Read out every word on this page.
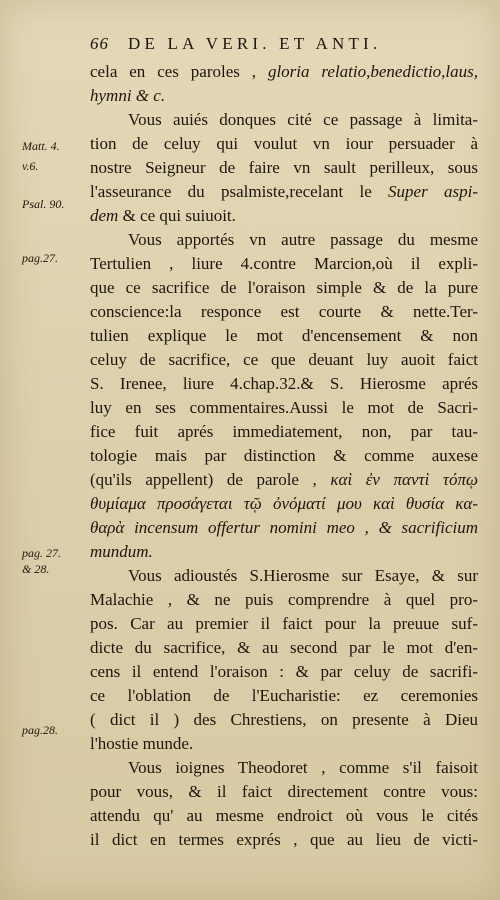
66 DE LA VERI. ET ANTI.
Matt. 4.
v.6.
Psal. 90.
pag.27.
pag. 27.
& 28.
pag.28.
cela en ces paroles , gloria relatio,benedictio,laus,
hymni & c.
Vous auiés donques cité ce passage à limita-
tion de celuy qui voulut vn iour persuader à
nostre Seigneur de faire vn sault perilleux, sous
l'asseurance du psalmiste,recelant le Super aspi-
dem & ce qui suiuoit.
Vous apportés vn autre passage du mesme
Tertulien , liure 4.contre Marcion,où il expli-
que ce sacrifice de l'oraison simple & de la pure
consciencе:la responce est courte & nette.Ter-
tulien explique le mot d'encensement & non
celuy de sacrifice, ce que deuant luy auoit faict
S. Irenee, liure 4.chap.32.& S. Hierosme aprés
luy en ses commentaires.Aussi le mot de Sacri-
fice fuit aprés immediatement, non, par tau-
tologie mais par distinction & comme auxese
(qu'ils appellent) de parole , καὶ ἐν παντὶ τόπῳ
θυμίαμα προσάγεται τῷ ὀνόματί μου καὶ θυσία κα-
θαρὰ incensum offertur nomini meo , & sacrificium
mundum.
Vous adioustés S.Hierosme sur Esaye, & sur
Malachie , & ne puis comprendre à quel pro-
pos. Car au premier il faict pour la preuue suf-
dicte du sacrifice, & au second par le mot d'en-
cens il entend l'oraison : & par celuy de sacrifi-
ce l'oblation de l'Eucharistie: ez ceremonies
( dict il ) des Chrestiens, on presente à Dieu
l'hostie munde.
Vous ioignes Theodoret , comme s'il faisoit
pour vous, & il faict directement contre vous:
attendu qu' au mesme endroict où vous le cités
il dict en termes exprés , que au lieu de victi-
